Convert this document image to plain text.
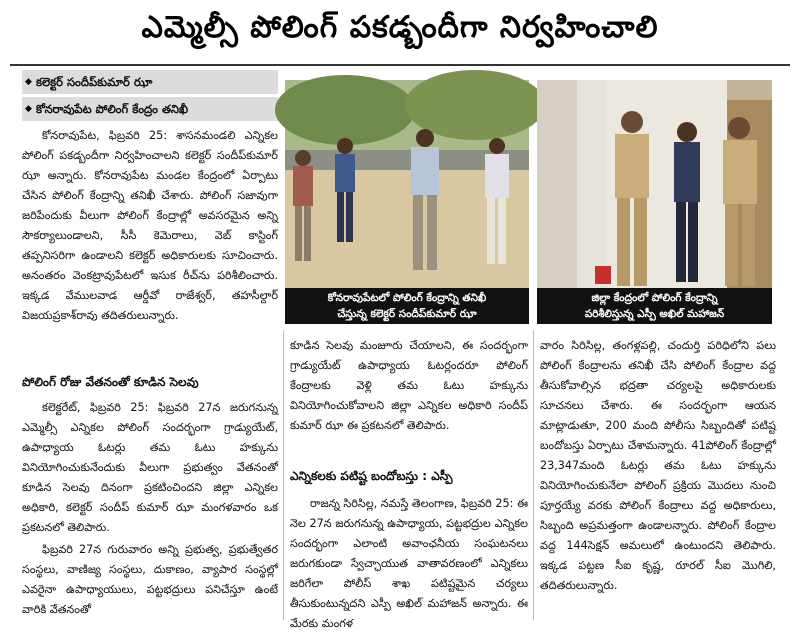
ఎమ్మెల్సీ పోలింగ్ పకడ్బందీగా నిర్వహించాలి
◆ కలెక్టర్ సందీప్‌కుమార్ ఝా
◆ కోనరావుపేట పోలింగ్ కేంద్రం తనిఖీ
కోనరావుపేటలో పోలింగ్ కేంద్రాన్ని తనిఖీ
చేస్తున్న కలెక్టర్ సందీప్‌కుమార్ ఝా
జిల్లా కేంద్రంలో పోలింగ్ కేంద్రాన్ని
పరిశీలిస్తున్న ఎస్పీ అఖిల్ మహాజన్

కోనరావుపేట, ఫిబ్రవరి 25: శాసనమండలి ఎన్నికల పోలింగ్ పకడ్బందీగా నిర్వహించాలని కలెక్టర్ సందీప్‌కుమార్ ఝా అన్నారు. కోనరావుపేట మండల కేంద్రంలో ఏర్పాటు చేసిన పోలింగ్ కేంద్రాన్ని తనిఖీ చేశారు. పోలింగ్ సజావుగా జరిపేందుకు వీలుగా పోలింగ్ కేంద్రాల్లో అవసరమైన అన్ని సౌకర్యాలుండాలని, సీసీ కెమెరాలు, వెబ్ కాస్టింగ్ తప్పనిసరిగా ఉండాలని కలెక్టర్ అధికారులకు సూచించారు. అనంతరం వెంకట్రావుపేటలో ఇసుక రీచ్‌ను పరిశీలించారు. ఇక్కడ వేములవాడ ఆర్డీవో రాజేశ్వర్, తహసీల్దార్ విజయప్రకాశ్‌రావు తదితరులున్నారు.

పోలింగ్ రోజు వేతనంతో కూడిన సెలవు

కలెక్టరేట్, ఫిబ్రవరి 25: ఫిబ్రవరి 27న జరుగనున్న ఎమ్మెల్సీ ఎన్నికల పోలింగ్ సందర్భంగా గ్రాడ్యుయేట్, ఉపాధ్యాయ ఓటర్లు తమ ఓటు హక్కును వినియోగించుకునేందుకు వీలుగా ప్రభుత్వం వేతనంతో కూడిన సెలవు దినంగా ప్రకటించిందని జిల్లా ఎన్నికల అధికారి, కలెక్టర్ సందీప్ కుమార్ ఝా మంగళవారం ఒక ప్రకటనలో తెలిపారు.

ఫిబ్రవరి 27న గురువారం అన్ని ప్రభుత్వ, ప్రభుత్వేతర సంస్థలు, వాణిజ్య సంస్థలు, దుకాణం, వ్యాపార సంస్థల్లో ఎవరైనా ఉపాధ్యాయులు, పట్టభద్రులు పనిచేస్తూ ఉంటే వారికి వేతనంతో

కూడిన సెలవు మంజూరు చేయాలని, ఈ సందర్భంగా గ్రాడ్యుయేట్ ఉపాధ్యాయ ఓటర్లందరూ పోలింగ్ కేంద్రాలకు వెళ్లి తమ ఓటు హక్కును వినియోగించుకోవాలని జిల్లా ఎన్నికల అధికారి సందీప్ కుమార్ ఝా ఈ ప్రకటనలో తెలిపారు.

ఎన్నికలకు పటిష్ట బందోబస్తు : ఎస్పీ

రాజన్న సిరిసిల్ల, నమస్తే తెలంగాణ, ఫిబ్రవరి 25: ఈ నెల 27న జరుగనున్న ఉపాధ్యాయ, పట్టభద్రుల ఎన్నికల సందర్భంగా ఎలాంటి అవాంఛనీయ సంఘటనలు జరుగకుండా స్వేచ్ఛాయుత వాతావరణంలో ఎన్నికలు జరిగేలా పోలీస్ శాఖ పటిష్టమైన చర్యలు తీసుకుంటున్నదని ఎస్పీ అఖిల్ మహాజన్ అన్నారు. ఈ మేరకు మంగళ

వారం సిరిసిల్ల, తంగళ్లపల్లి, చందుర్తి పరిధిలోని పలు పోలింగ్ కేంద్రాలను తనిఖీ చేసి పోలింగ్ కేంద్రాల వద్ద తీసుకోవాల్సిన భద్రతా చర్యలపై అధికారులకు సూచనలు చేశారు. ఈ సందర్భంగా ఆయన మాట్లాడుతూ, 200 మంది పోలీసు సిబ్బందితో పటిష్ట బందోబస్తు ఏర్పాటు చేశామన్నారు. 41పోలింగ్ కేంద్రాల్లో 23,347మంది ఓటర్లు తమ ఓటు హక్కును వినియోగించుకునేలా పోలింగ్ ప్రక్రియ మొదలు నుంచి పూర్తయ్యే వరకు పోలింగ్ కేంద్రాలు వద్ద అధికారులు, సిబ్బంది అప్రమత్తంగా ఉండాలన్నారు. పోలింగ్ కేంద్రాల వద్ద 144సెక్షన్ అమలులో ఉంటుందని తెలిపారు. ఇక్కడ పట్టణ సీఐ కృష్ణ, రూరల్ సీఐ మొగిలి, తదితరులున్నారు.
